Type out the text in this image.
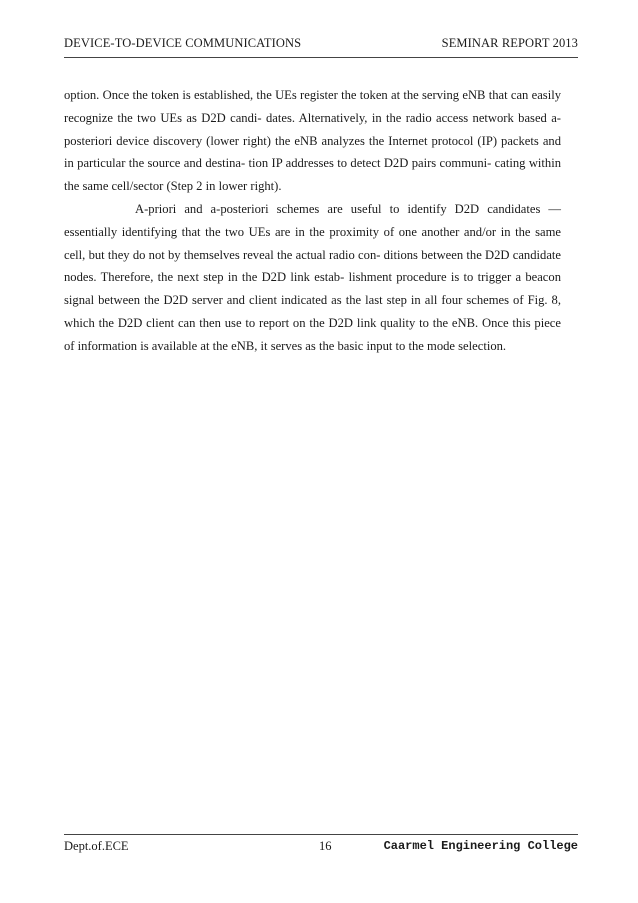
DEVICE-TO-DEVICE COMMUNICATIONS	SEMINAR REPORT 2013

option. Once the token is established, the UEs register the token at the serving eNB that can easily recognize the two UEs as D2D candi- dates. Alternatively, in the radio access network based a-posteriori device discovery (lower right) the eNB analyzes the Internet protocol (IP) packets and in particular the source and destina- tion IP addresses to detect D2D pairs communi- cating within the same cell/sector (Step 2 in lower right).

A-priori and a-posteriori schemes are useful to identify D2D candidates — essentially identifying that the two UEs are in the proximity of one another and/or in the same cell, but they do not by themselves reveal the actual radio con- ditions between the D2D candidate nodes. Therefore, the next step in the D2D link estab- lishment procedure is to trigger a beacon signal between the D2D server and client indicated as the last step in all four schemes of Fig. 8, which the D2D client can then use to report on the D2D link quality to the eNB. Once this piece of information is available at the eNB, it serves as the basic input to the mode selection.

Dept.of.ECE	16	Caarmel Engineering College
